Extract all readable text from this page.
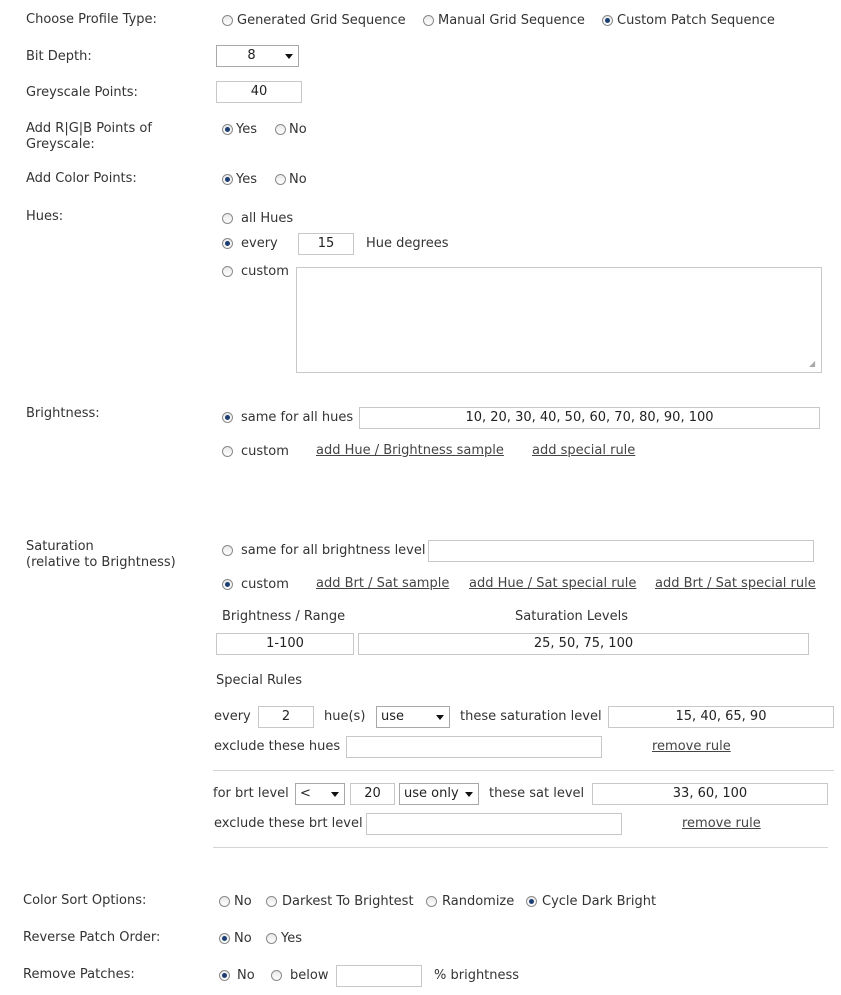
Choose Profile Type:	Generated Grid Sequence Manual Grid Sequence Custom Patch Sequence
Bit Depth:	8
Greyscale Points:	40
Add R|G|B Points of
Greyscale:
Yes No
Add Color Points:	Yes No
Hues:	all Hues
every	15	Hue degrees
custom
◢
Brightness:	same for all hues	10, 20, 30, 40, 50, 60, 70, 80, 90, 100
custom add Hue / Brightness sample add special rule
Saturation
(relative to Brightness)
same for all brightness level
custom add Brt / Sat sample add Hue / Sat special rule add Brt / Sat special rule
Brightness / Range	Saturation Levels
1-100	25, 50, 75, 100
Special Rules
every	2	hue(s)	use	these saturation level	15, 40, 65, 90
exclude these hues	remove rule
for brt level <	20	use only	these sat level	33, 60, 100
exclude these brt level	remove rule
Color Sort Options:	No Darkest To Brightest Randomize Cycle Dark Bright
Reverse Patch Order:	No Yes
Remove Patches:	No	below	% brightness
